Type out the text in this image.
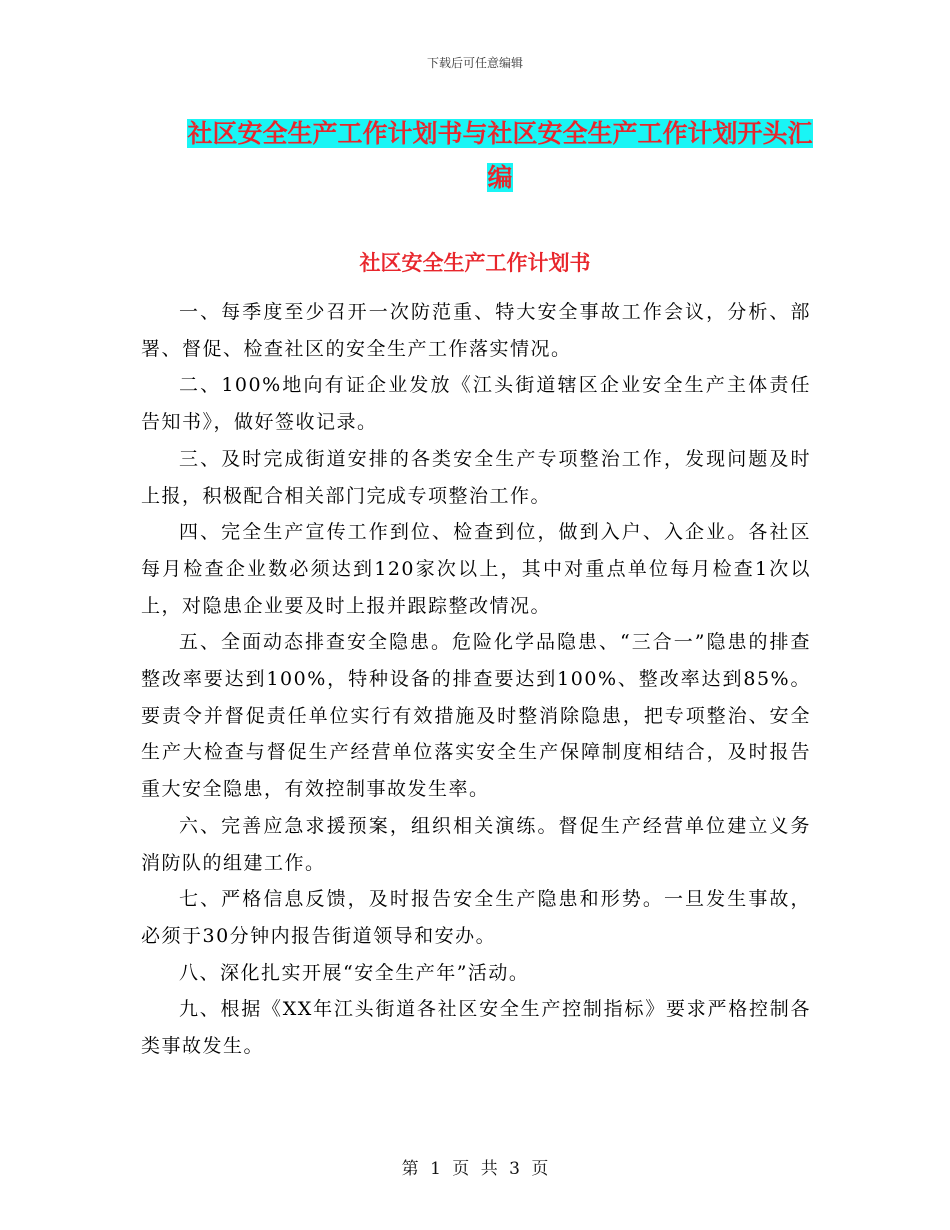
下载后可任意编辑
社区安全生产工作计划书与社区安全生产工作计划开头汇编
社区安全生产工作计划书

一、每季度至少召开一次防范重、特大安全事故工作会议，分析、部署、督促、检查社区的安全生产工作落实情况。

二、100%地向有证企业发放《江头街道辖区企业安全生产主体责任告知书》，做好签收记录。

三、及时完成街道安排的各类安全生产专项整治工作，发现问题及时上报，积极配合相关部门完成专项整治工作。

四、完全生产宣传工作到位、检查到位，做到入户、入企业。各社区每月检查企业数必须达到120家次以上，其中对重点单位每月检查1次以上，对隐患企业要及时上报并跟踪整改情况。

五、全面动态排查安全隐患。危险化学品隐患、“三合一”隐患的排查整改率要达到100%，特种设备的排查要达到100%、整改率达到85%。要责令并督促责任单位实行有效措施及时整消除隐患，把专项整治、安全生产大检查与督促生产经营单位落实安全生产保障制度相结合，及时报告重大安全隐患，有效控制事故发生率。

六、完善应急求援预案，组织相关演练。督促生产经营单位建立义务消防队的组建工作。

七、严格信息反馈，及时报告安全生产隐患和形势。一旦发生事故，必须于30分钟内报告街道领导和安办。

八、深化扎实开展“安全生产年”活动。

九、根据《XX年江头街道各社区安全生产控制指标》要求严格控制各类事故发生。

第 1 页 共 3 页
